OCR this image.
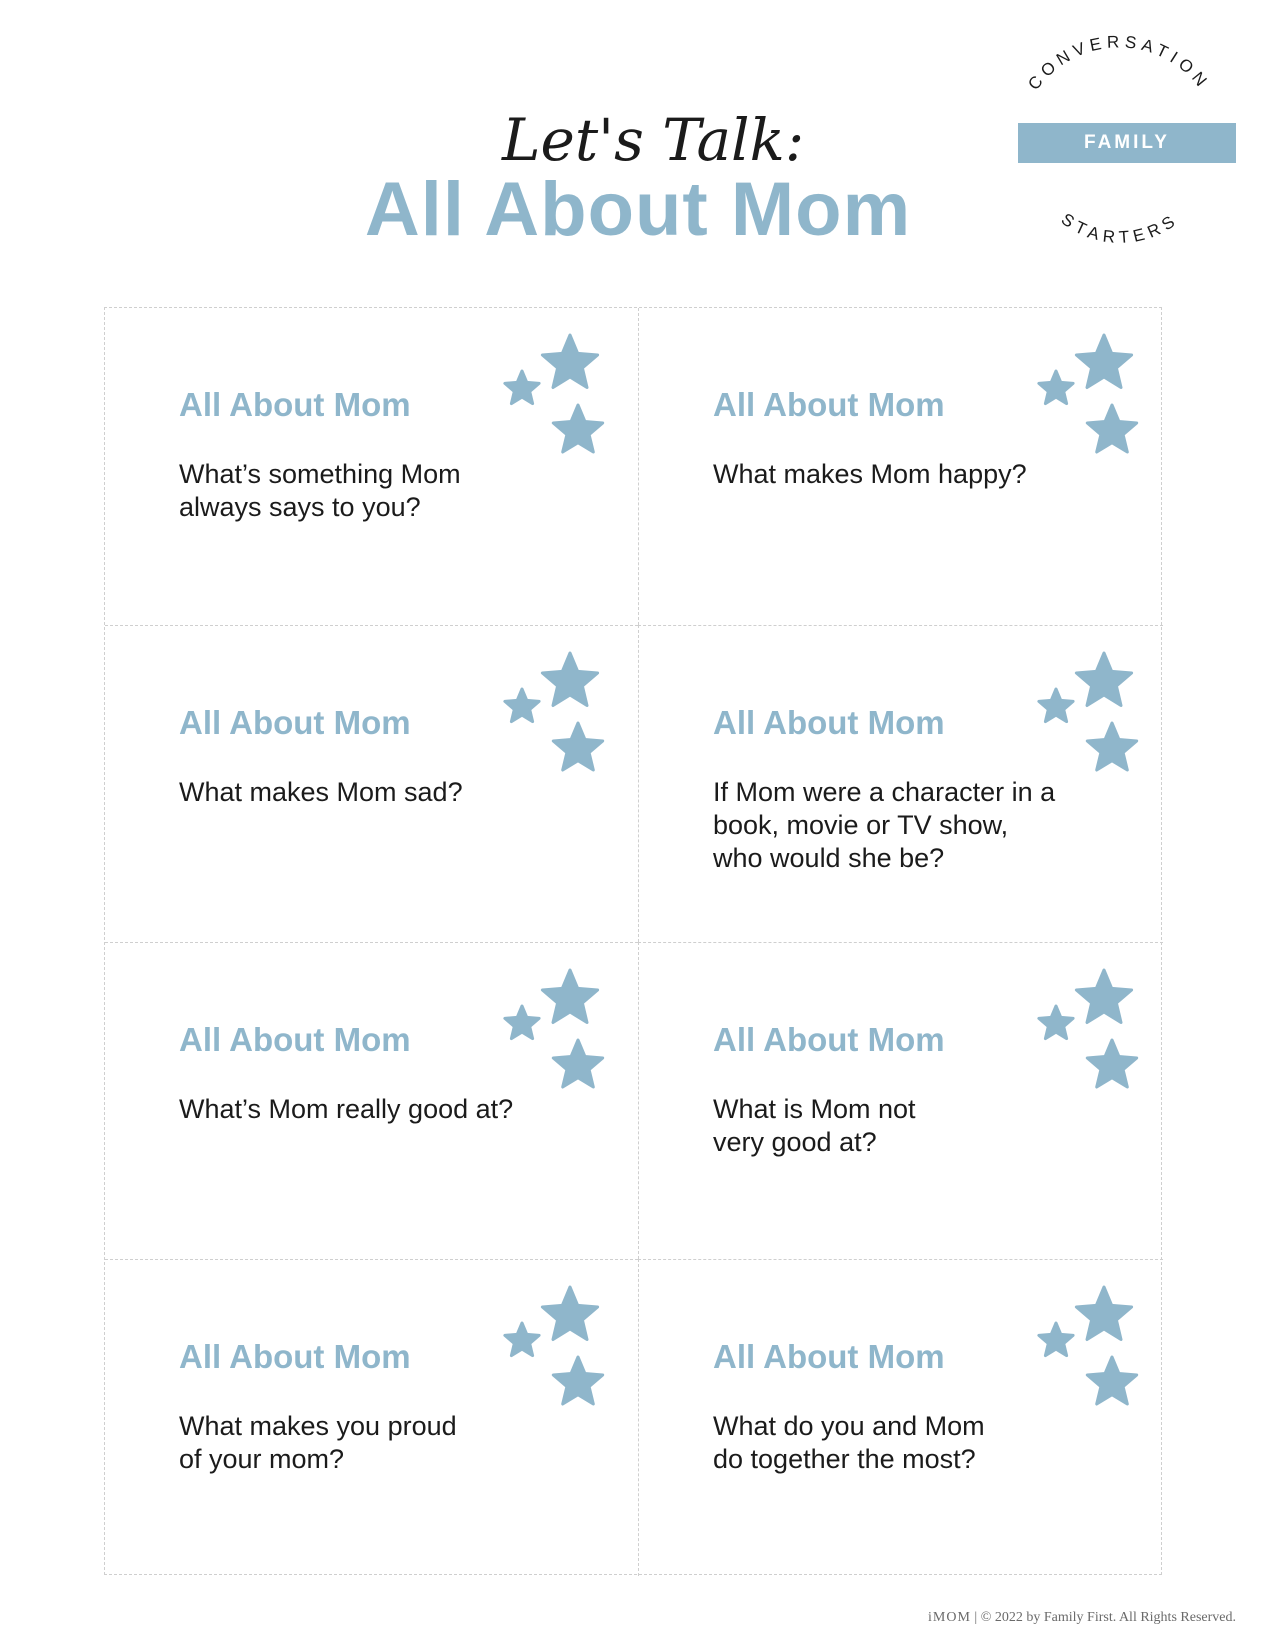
Let's Talk:
All About Mom
CONVERSATION
STARTERS
FAMILY
All About Mom

What’s something Mom
always says to you?

All About Mom

What makes Mom happy?

All About Mom

What makes Mom sad?

All About Mom

If Mom were a character in a
book, movie or TV show,
who would she be?

All About Mom

What’s Mom really good at?

All About Mom

What is Mom not
very good at?

All About Mom

What makes you proud
of your mom?

All About Mom

What do you and Mom
do together the most?

iMOM | © 2022 by Family First. All Rights Reserved.
